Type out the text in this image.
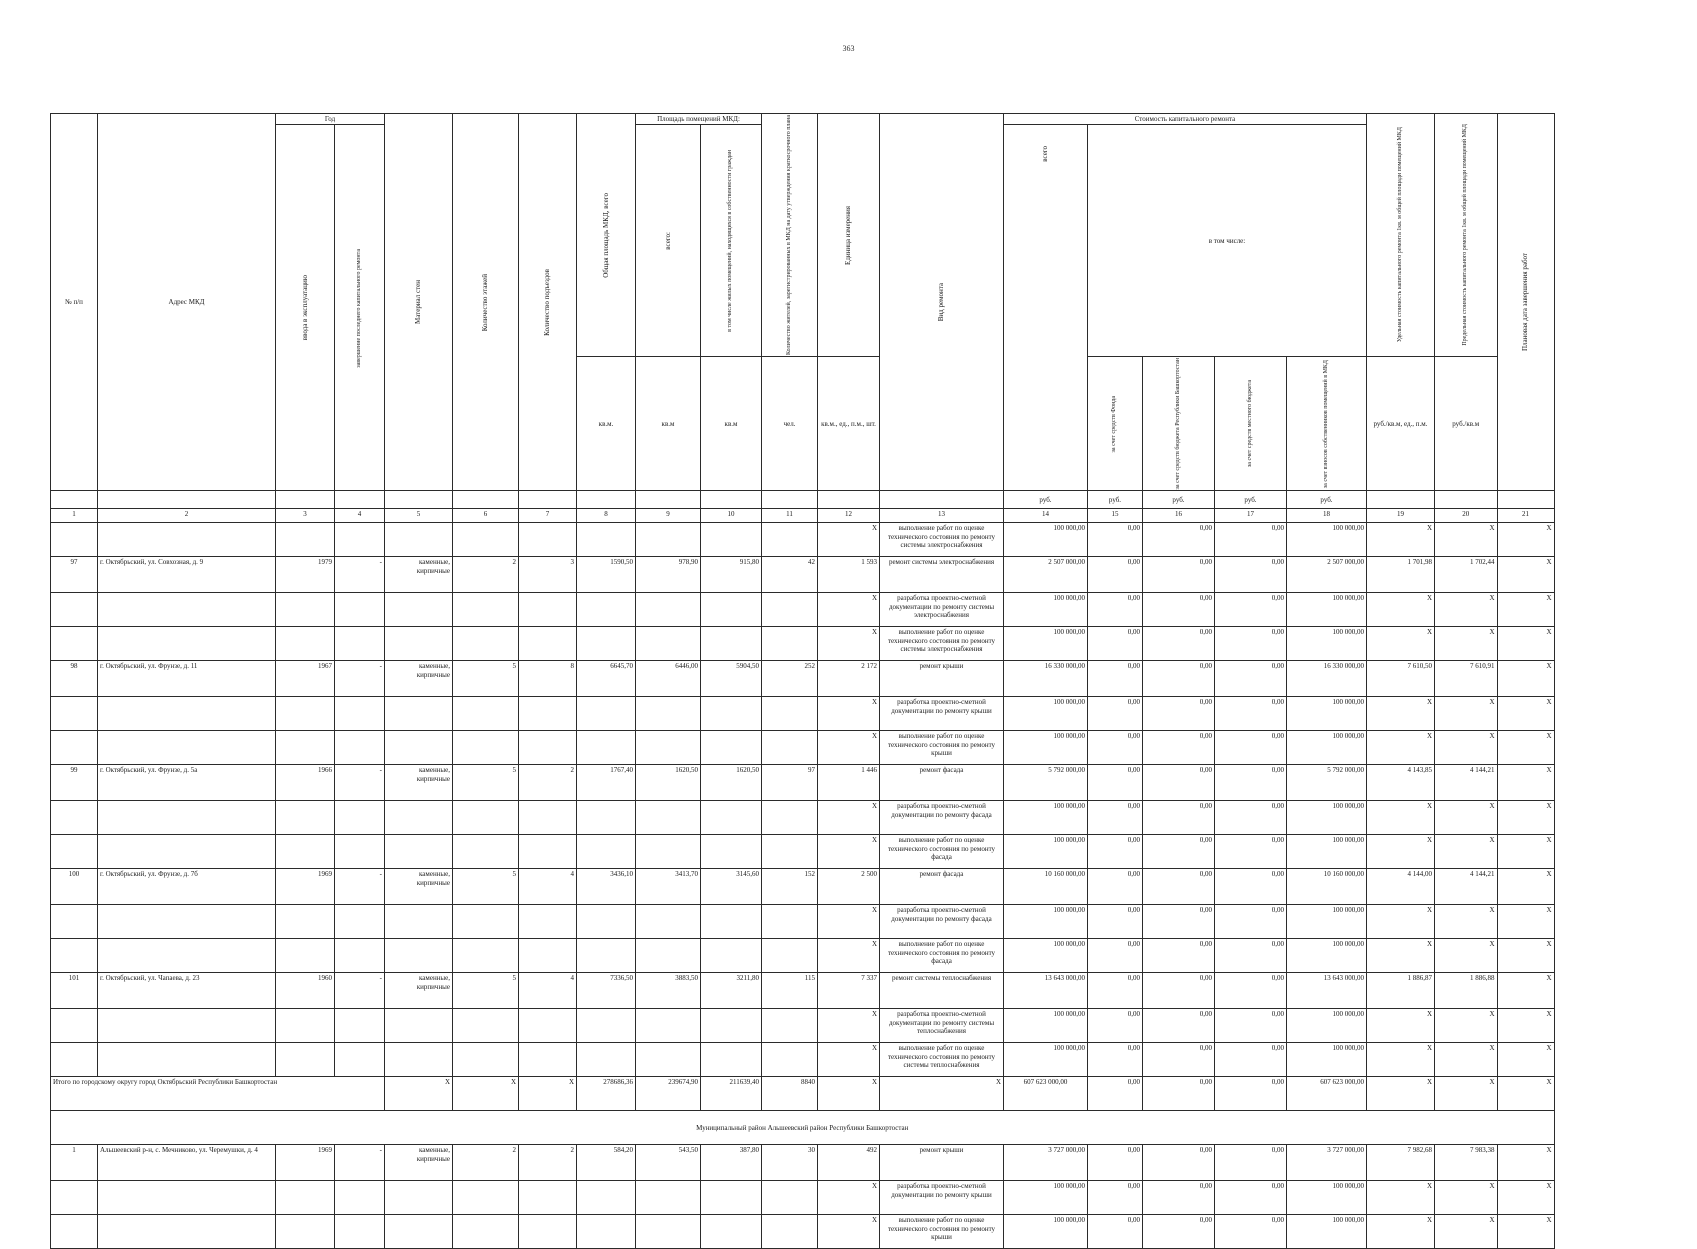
363
№ п/п	Адрес МКД	Год		Материал стен	Количество этажей	Количество подъездов	Общая площадь МКД, всего	Площадь помещений МКД:		Количество жителей, зарегистрированных в МКД на дату утверждения краткосрочного плана	Единица измерения	Вид ремонта	Стоимость капитального ремонта					Удельная стоимость капитального ремонта 1кв. м общей площади помещений МКД	Предельная стоимость капитального ремонта 1кв. м общей площади помещений МКД	Плановая дата завершения работ

		ввода в эксплуатацию	завершение последнего капитального ремонта					всего:	в том числе жилых помещений, находящихся в собственности граждан				всего	в том числе:						
							кв.м.	кв.м	кв.м	чел.	кв.м., ед., п.м., шт.			за счет средств Фонда	за счет средств бюджета Республики Башкортостан	за счет средств местного бюджета	за счет взносов собственников помещений в МКД	руб./кв.м, ед., п.м.	руб./кв.м	
													руб.	руб.	руб.	руб.	руб.			
1	2	3	4	5	6	7	8	9	10	11	12	13	14	15	16	17	18	19	20	21
											X	выполнение работ по оценке технического состояния по ремонту системы электроснабжения	100 000,00	0,00	0,00	0,00	100 000,00	X	X	X
97	г. Октябрьский, ул. Совхозная, д. 9	1979	-	каменные, кирпичные	2	3	1590,50	978,90	915,80	42	1 593	ремонт системы электроснабжения	2 507 000,00	0,00	0,00	0,00	2 507 000,00	1 701,98	1 702,44	X
											X	разработка проектно-сметной документации по ремонту системы электроснабжения	100 000,00	0,00	0,00	0,00	100 000,00	X	X	X
											X	выполнение работ по оценке технического состояния по ремонту системы электроснабжения	100 000,00	0,00	0,00	0,00	100 000,00	X	X	X
98	г. Октябрьский, ул. Фрунзе, д. 11	1967	-	каменные, кирпичные	5	8	6645,70	6446,00	5904,50	252	2 172	ремонт крыши	16 330 000,00	0,00	0,00	0,00	16 330 000,00	7 610,50	7 610,91	X
											X	разработка проектно-сметной документации по ремонту крыши	100 000,00	0,00	0,00	0,00	100 000,00	X	X	X
											X	выполнение работ по оценке технического состояния по ремонту крыши	100 000,00	0,00	0,00	0,00	100 000,00	X	X	X
99	г. Октябрьский, ул. Фрунзе, д. 5а	1966	-	каменные, кирпичные	5	2	1767,40	1620,50	1620,50	97	1 446	ремонт фасада	5 792 000,00	0,00	0,00	0,00	5 792 000,00	4 143,85	4 144,21	X
											X	разработка проектно-сметной документации по ремонту фасада	100 000,00	0,00	0,00	0,00	100 000,00	X	X	X
											X	выполнение работ по оценке технического состояния по ремонту фасада	100 000,00	0,00	0,00	0,00	100 000,00	X	X	X
100	г. Октябрьский, ул. Фрунзе, д. 7б	1969	-	каменные, кирпичные	5	4	3436,10	3413,70	3145,60	152	2 500	ремонт фасада	10 160 000,00	0,00	0,00	0,00	10 160 000,00	4 144,00	4 144,21	X
											X	разработка проектно-сметной документации по ремонту фасада	100 000,00	0,00	0,00	0,00	100 000,00	X	X	X
											X	выполнение работ по оценке технического состояния по ремонту фасада	100 000,00	0,00	0,00	0,00	100 000,00	X	X	X
101	г. Октябрьский, ул. Чапаева, д. 23	1960	-	каменные, кирпичные	5	4	7336,50	3883,50	3211,80	115	7 337	ремонт системы теплоснабжения	13 643 000,00	0,00	0,00	0,00	13 643 000,00	1 886,87	1 886,88	X
											X	разработка проектно-сметной документации по ремонту системы теплоснабжения	100 000,00	0,00	0,00	0,00	100 000,00	X	X	X
											X	выполнение работ по оценке технического состояния по ремонту системы теплоснабжения	100 000,00	0,00	0,00	0,00	100 000,00	X	X	X
Итого по городскому округу город Октябрьский Республики Башкортостан				X	X	X	278686,36	239674,90	211639,40	8840	X	X	607 623 000,00	0,00	0,00	0,00	607 623 000,00	X	X	X
Муниципальный район Альшеевский район Республики Башкортостан																				
1	Альшеевский р-н, с. Мечниково, ул. Черемушки, д. 4	1969	-	каменные, кирпичные	2	2	584,20	543,50	387,80	30	492	ремонт крыши	3 727 000,00	0,00	0,00	0,00	3 727 000,00	7 982,68	7 983,38	X
											X	разработка проектно-сметной документации по ремонту крыши	100 000,00	0,00	0,00	0,00	100 000,00	X	X	X
											X	выполнение работ по оценке технического состояния по ремонту крыши	100 000,00	0,00	0,00	0,00	100 000,00	X	X	X
